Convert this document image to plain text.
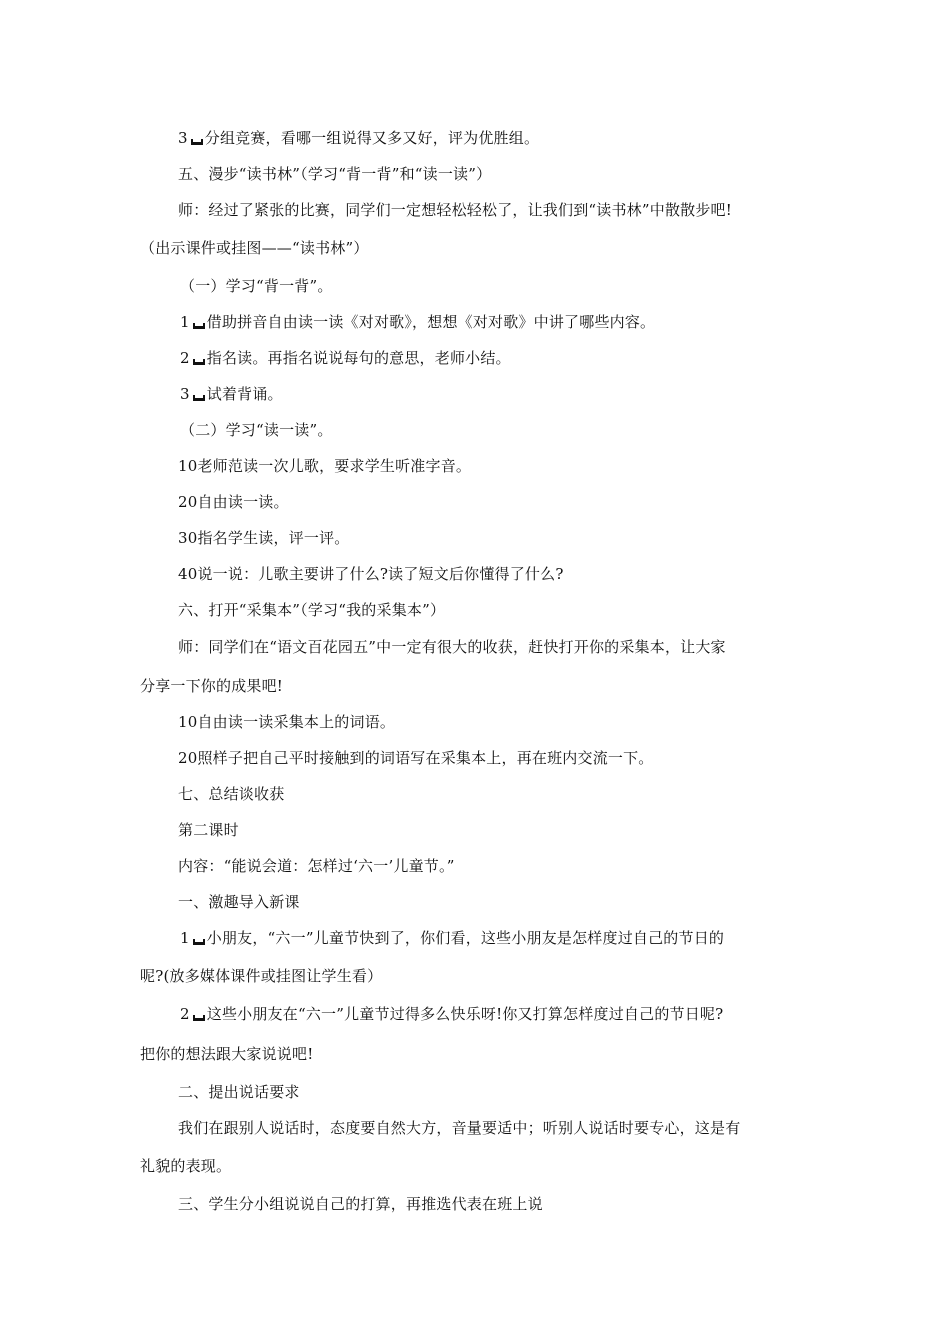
3 分组竞赛，看哪一组说得又多又好，评为优胜组。
五、漫步“读书林”（学习“背一背”和“读一读”）
师：经过了紧张的比赛，同学们一定想轻松轻松了，让我们到“读书林”中散散步吧!
（出示课件或挂图——“读书林”）
（一）学习“背一背”。
1 借助拼音自由读一读《对对歌》，想想《对对歌》中讲了哪些内容。
2 指名读。再指名说说每句的意思，老师小结。
3 试着背诵。
（二）学习“读一读”。
10老师范读一次儿歌，要求学生听准字音。
20自由读一读。
30指名学生读，评一评。
40说一说：儿歌主要讲了什么?读了短文后你懂得了什么?
六、打开“采集本”（学习“我的采集本”）
师：同学们在“语文百花园五”中一定有很大的收获，赶快打开你的采集本，让大家
分享一下你的成果吧!
10自由读一读采集本上的词语。
20照样子把自己平时接触到的词语写在采集本上，再在班内交流一下。
七、总结谈收获
第二课时
内容：“能说会道：怎样过‘六一’儿童节。”
一、激趣导入新课
1 小朋友，“六一”儿童节快到了，你们看，这些小朋友是怎样度过自己的节日的
呢?(放多媒体课件或挂图让学生看）
2 这些小朋友在“六一”儿童节过得多么快乐呀!你又打算怎样度过自己的节日呢?
把你的想法跟大家说说吧!
二、提出说话要求
我们在跟别人说话时，态度要自然大方，音量要适中；听别人说话时要专心，这是有
礼貌的表现。
三、学生分小组说说自己的打算，再推选代表在班上说
